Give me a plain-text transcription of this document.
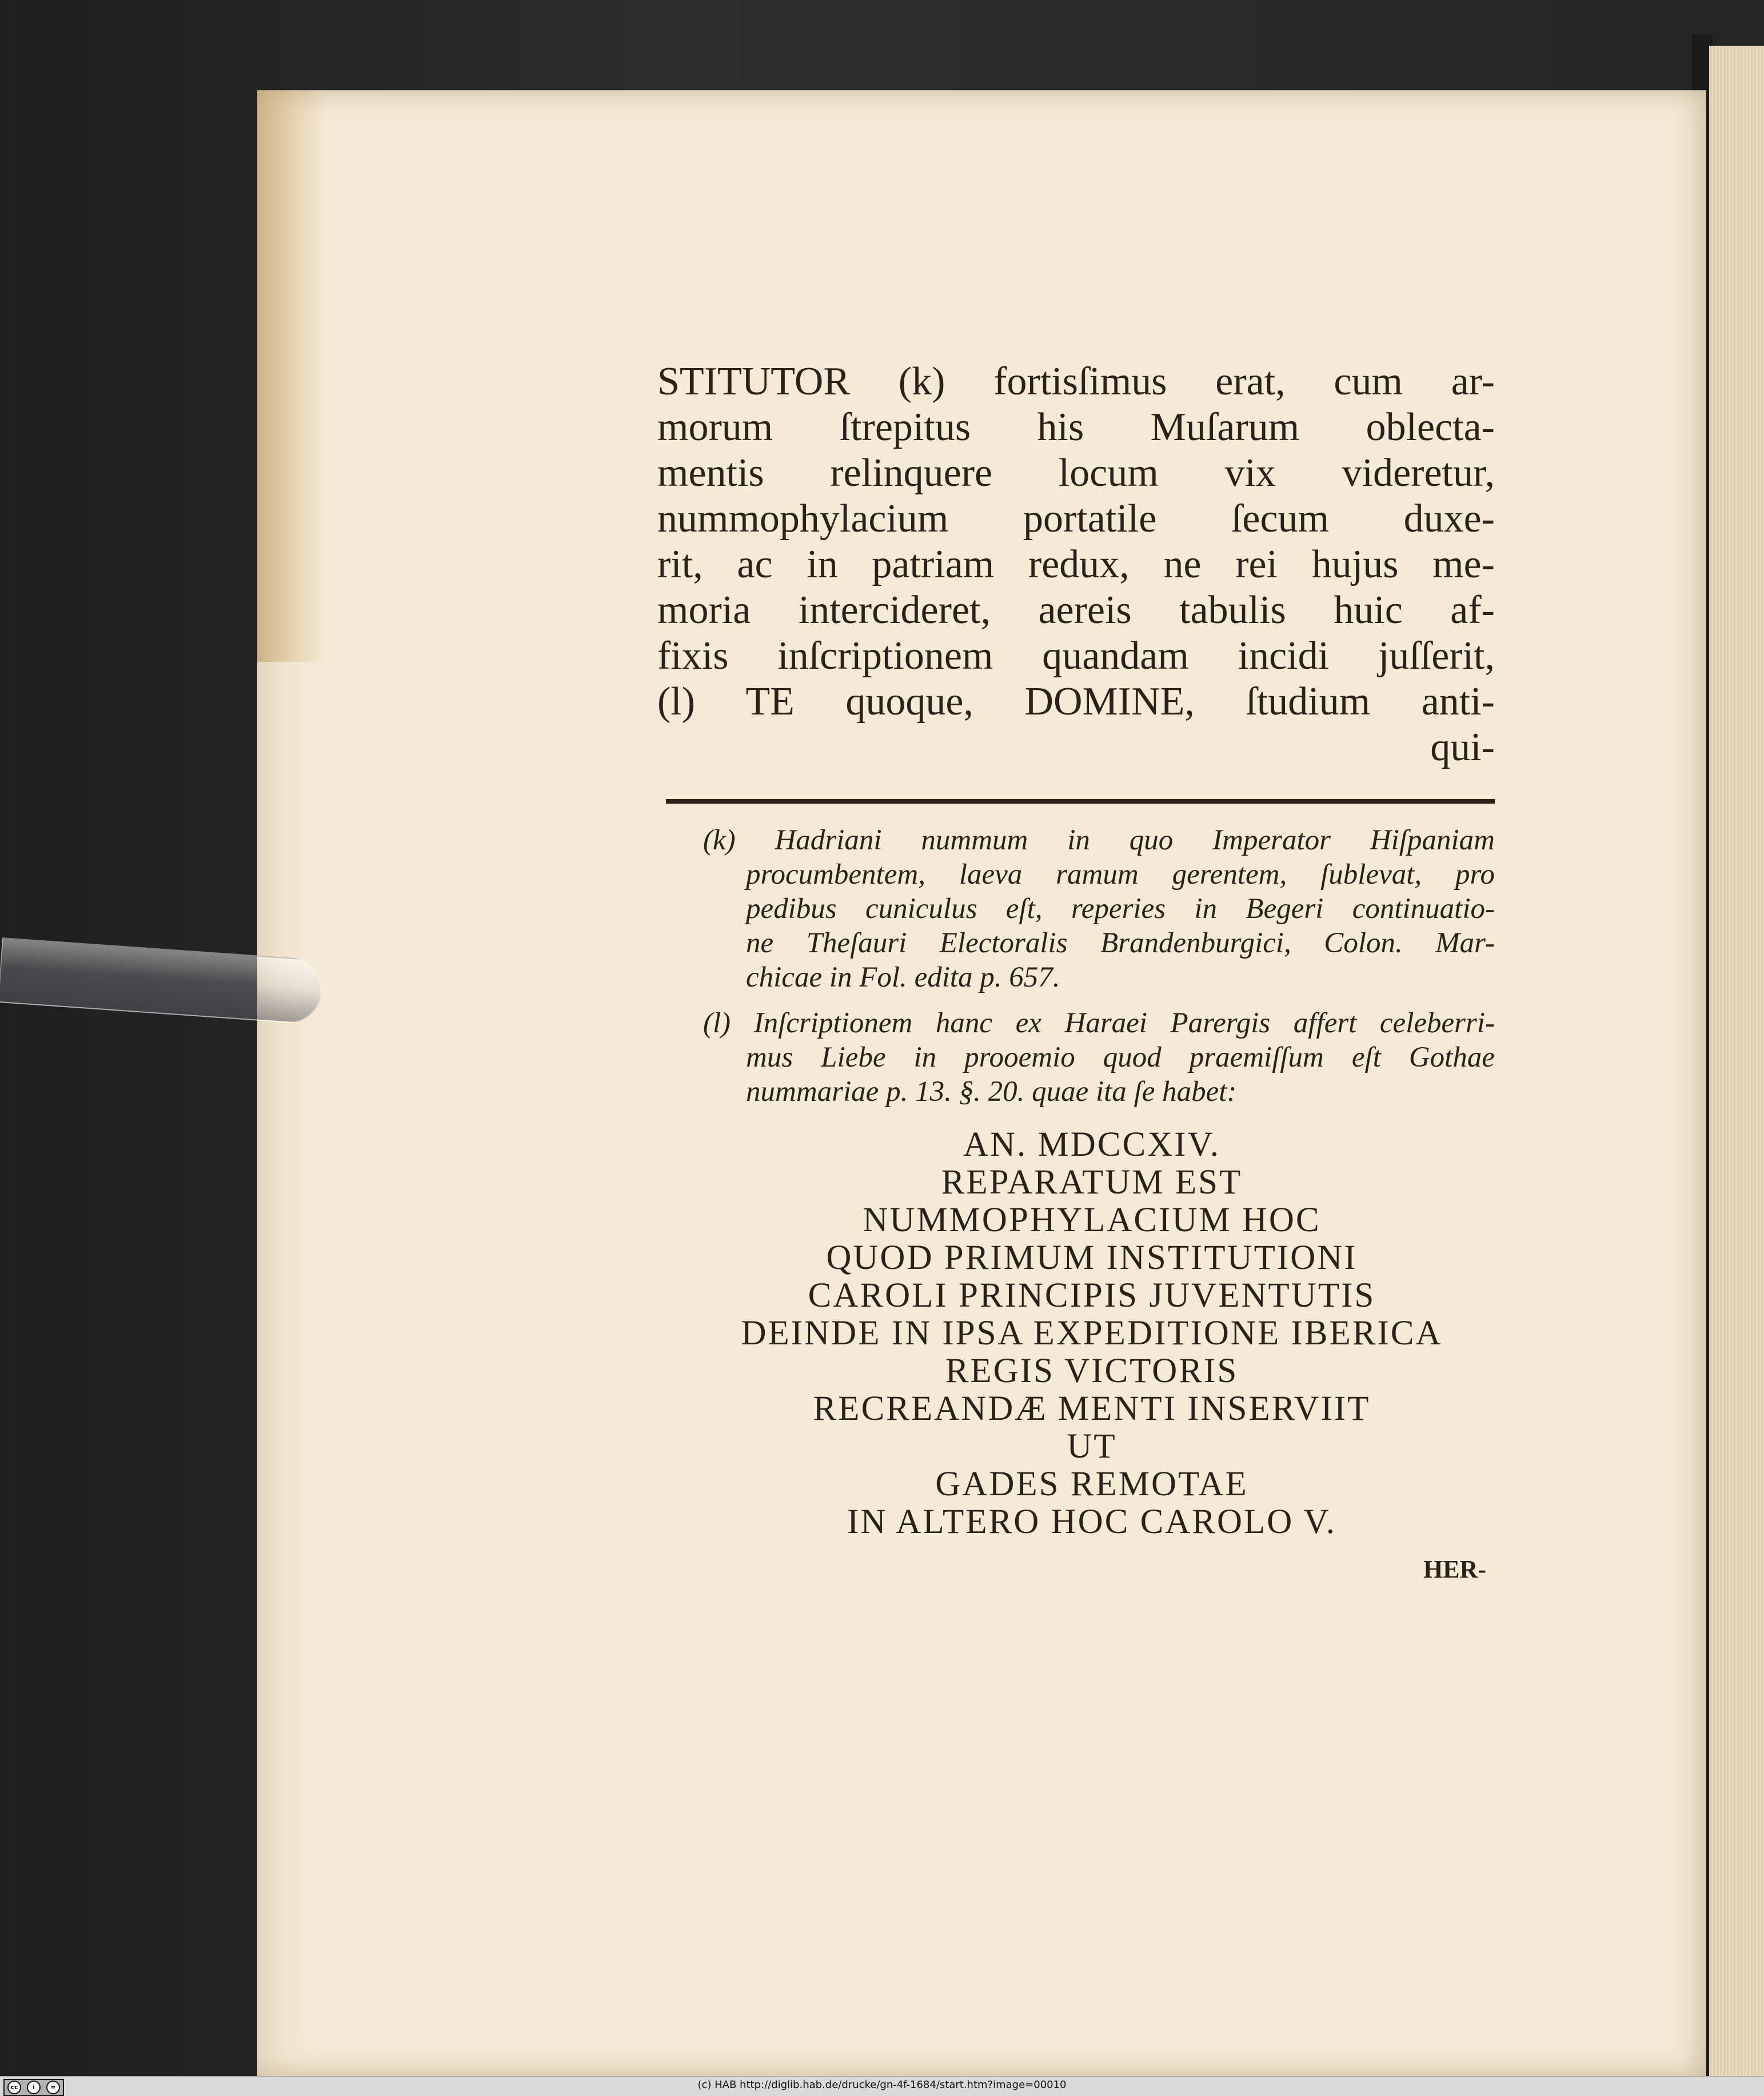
STITUTOR (k) fortisſimus erat, cum ar-
morum ſtrepitus his Muſarum oblectа-
mentis relinquere locum vix videretur,
nummophylacium portatile ſecum duxe-
rit, ac in patriam redux, ne rei hujus me-
moria intercideret, aereis tabulis huic af-
fixis inſcriptionem quandam incidi juſſerit,
(l) TE quoque, DOMINE, ſtudium anti-
qui-
(k) Hadriani nummum in quo Imperator Hiſpaniam
procumbentem, laeva ramum gerentem, ſublevat, pro
pedibus cuniculus eſt, reperies in Begeri continuatio-
ne Theſauri Electoralis Brandenburgici, Colon. Mar-
chicae in Fol. edita p. 657.
(l) Inſcriptionem hanc ex Haraei Parergis affert celeberri-
mus Liebe in prooemio quod praemiſſum eſt Gothae
nummariae p. 13. §. 20. quae ita ſe habet:
AN. MDCCXIV.
REPARATUM EST
NUMMOPHYLACIUM HOC
QUOD PRIMUM INSTITUTIONI
CAROLI PRINCIPIS JUVENTUTIS
DEINDE IN IPSA EXPEDITIONE IBERICA
REGIS VICTORIS
RECREANDÆ MENTI INSERVIIT
UT
GADES REMOTAE
IN ALTERO HOC CAROLO V.
HER-
cc	i	=	(c) HAB http://diglib.hab.de/drucke/gn-4f-1684/start.htm?image=00010
